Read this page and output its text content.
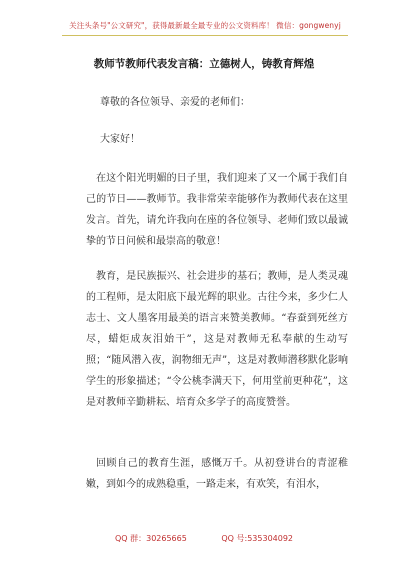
关注头条号"公文研究"，获得最新最全最专业的公文资料库！ 微信：gongwenyj
教师节教师代表发言稿：立德树人，铸教育辉煌

尊敬的各位领导、亲爱的老师们：

大家好！

在这个阳光明媚的日子里，我们迎来了又一个属于我们自己的节日——教师节。我非常荣幸能够作为教师代表在这里发言。首先，请允许我向在座的各位领导、老师们致以最诚挚的节日问候和最崇高的敬意！

教育，是民族振兴、社会进步的基石；教师，是人类灵魂的工程师，是太阳底下最光辉的职业。古往今来，多少仁人志士、文人墨客用最美的语言来赞美教师。“春蚕到死丝方尽，蜡炬成灰泪始干”，这是对教师无私奉献的生动写照；“随风潜入夜，润物细无声”，这是对教师潜移默化影响学生的形象描述；“令公桃李满天下，何用堂前更种花”，这是对教师辛勤耕耘、培育众多学子的高度赞誉。

回顾自己的教育生涯，感慨万千。从初登讲台的青涩稚嫩，到如今的成熟稳重，一路走来，有欢笑，有泪水，

QQ 群：30265665	QQ 号:535304092
